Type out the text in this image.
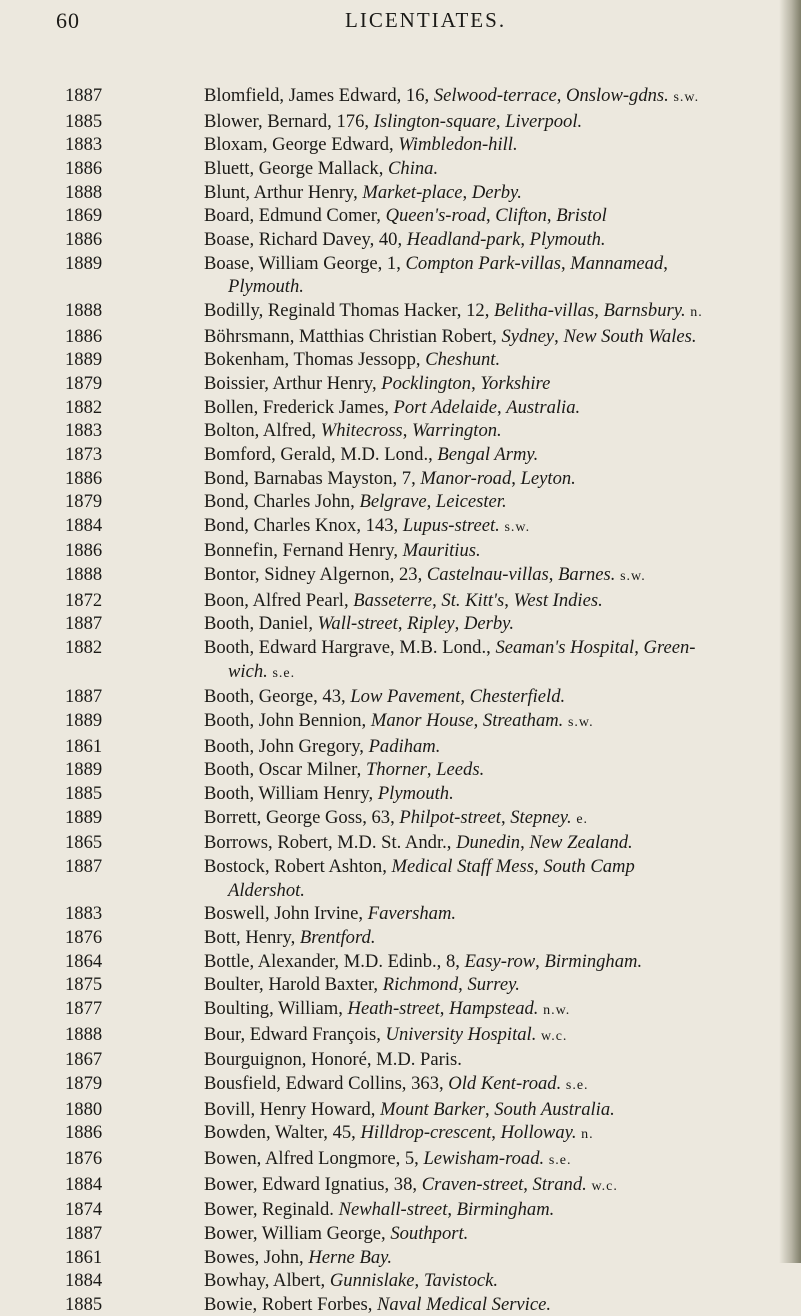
60	LICENTIATES.
1887	Blomfield, James Edward, 16, Selwood-terrace, Onslow-gdns. s.w.
1885	Blower, Bernard, 176, Islington-square, Liverpool.
1883	Bloxam, George Edward, Wimbledon-hill.
1886	Bluett, George Mallack, China.
1888	Blunt, Arthur Henry, Market-place, Derby.
1869	Board, Edmund Comer, Queen's-road, Clifton, Bristol
1886	Boase, Richard Davey, 40, Headland-park, Plymouth.
1889	Boase, William George, 1, Compton Park-villas, Mannamead,
Plymouth.
1888	Bodilly, Reginald Thomas Hacker, 12, Belitha-villas, Barnsbury. n.
1886	Böhrsmann, Matthias Christian Robert, Sydney, New South Wales.
1889	Bokenham, Thomas Jessopp, Cheshunt.
1879	Boissier, Arthur Henry, Pocklington, Yorkshire
1882	Bollen, Frederick James, Port Adelaide, Australia.
1883	Bolton, Alfred, Whitecross, Warrington.
1873	Bomford, Gerald, M.D. Lond., Bengal Army.
1886	Bond, Barnabas Mayston, 7, Manor-road, Leyton.
1879	Bond, Charles John, Belgrave, Leicester.
1884	Bond, Charles Knox, 143, Lupus-street. s.w.
1886	Bonnefin, Fernand Henry, Mauritius.
1888	Bontor, Sidney Algernon, 23, Castelnau-villas, Barnes. s.w.
1872	Boon, Alfred Pearl, Basseterre, St. Kitt's, West Indies.
1887	Booth, Daniel, Wall-street, Ripley, Derby.
1882	Booth, Edward Hargrave, M.B. Lond., Seaman's Hospital, Green-
wich. s.e.
1887	Booth, George, 43, Low Pavement, Chesterfield.
1889	Booth, John Bennion, Manor House, Streatham. s.w.
1861	Booth, John Gregory, Padiham.
1889	Booth, Oscar Milner, Thorner, Leeds.
1885	Booth, William Henry, Plymouth.
1889	Borrett, George Goss, 63, Philpot-street, Stepney. e.
1865	Borrows, Robert, M.D. St. Andr., Dunedin, New Zealand.
1887	Bostock, Robert Ashton, Medical Staff Mess, South Camp
Aldershot.
1883	Boswell, John Irvine, Faversham.
1876	Bott, Henry, Brentford.
1864	Bottle, Alexander, M.D. Edinb., 8, Easy-row, Birmingham.
1875	Boulter, Harold Baxter, Richmond, Surrey.
1877	Boulting, William, Heath-street, Hampstead. n.w.
1888	Bour, Edward François, University Hospital. w.c.
1867	Bourguignon, Honoré, M.D. Paris.
1879	Bousfield, Edward Collins, 363, Old Kent-road. s.e.
1880	Bovill, Henry Howard, Mount Barker, South Australia.
1886	Bowden, Walter, 45, Hilldrop-crescent, Holloway. n.
1876	Bowen, Alfred Longmore, 5, Lewisham-road. s.e.
1884	Bower, Edward Ignatius, 38, Craven-street, Strand. w.c.
1874	Bower, Reginald. Newhall-street, Birmingham.
1887	Bower, William George, Southport.
1861	Bowes, John, Herne Bay.
1884	Bowhay, Albert, Gunnislake, Tavistock.
1885	Bowie, Robert Forbes, Naval Medical Service.
